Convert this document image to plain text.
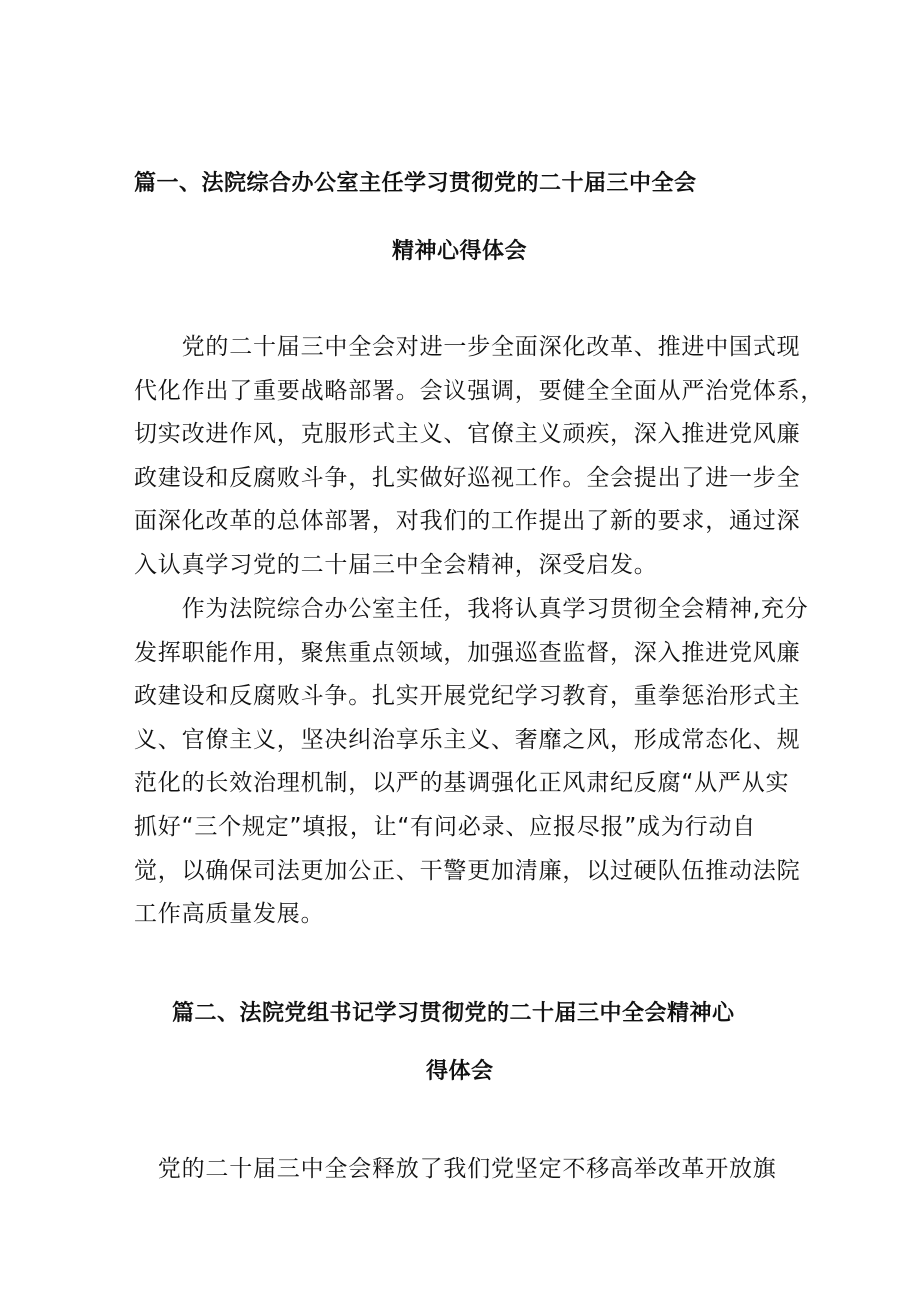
篇一、法院综合办公室主任学习贯彻党的二十届三中全会
精神心得体会
　　党的二十届三中全会对进一步全面深化改革、推进中国式现
代化作出了重要战略部署。会议强调，要健全全面从严治党体系，
切实改进作风，克服形式主义、官僚主义顽疾，深入推进党风廉
政建设和反腐败斗争，扎实做好巡视工作。全会提出了进一步全
面深化改革的总体部署，对我们的工作提出了新的要求，通过深
入认真学习党的二十届三中全会精神，深受启发。
　　作为法院综合办公室主任，我将认真学习贯彻全会精神,充分
发挥职能作用，聚焦重点领域，加强巡查监督，深入推进党风廉
政建设和反腐败斗争。扎实开展党纪学习教育，重拳惩治形式主
义、官僚主义，坚决纠治享乐主义、奢靡之风，形成常态化、规
范化的长效治理机制，以严的基调强化正风肃纪反腐“从严从实
抓好“三个规定”填报，让“有问必录、应报尽报”成为行动自
觉，以确保司法更加公正、干警更加清廉，以过硬队伍推动法院
工作高质量发展。
篇二、法院党组书记学习贯彻党的二十届三中全会精神心
得体会
　党的二十届三中全会释放了我们党坚定不移高举改革开放旗
